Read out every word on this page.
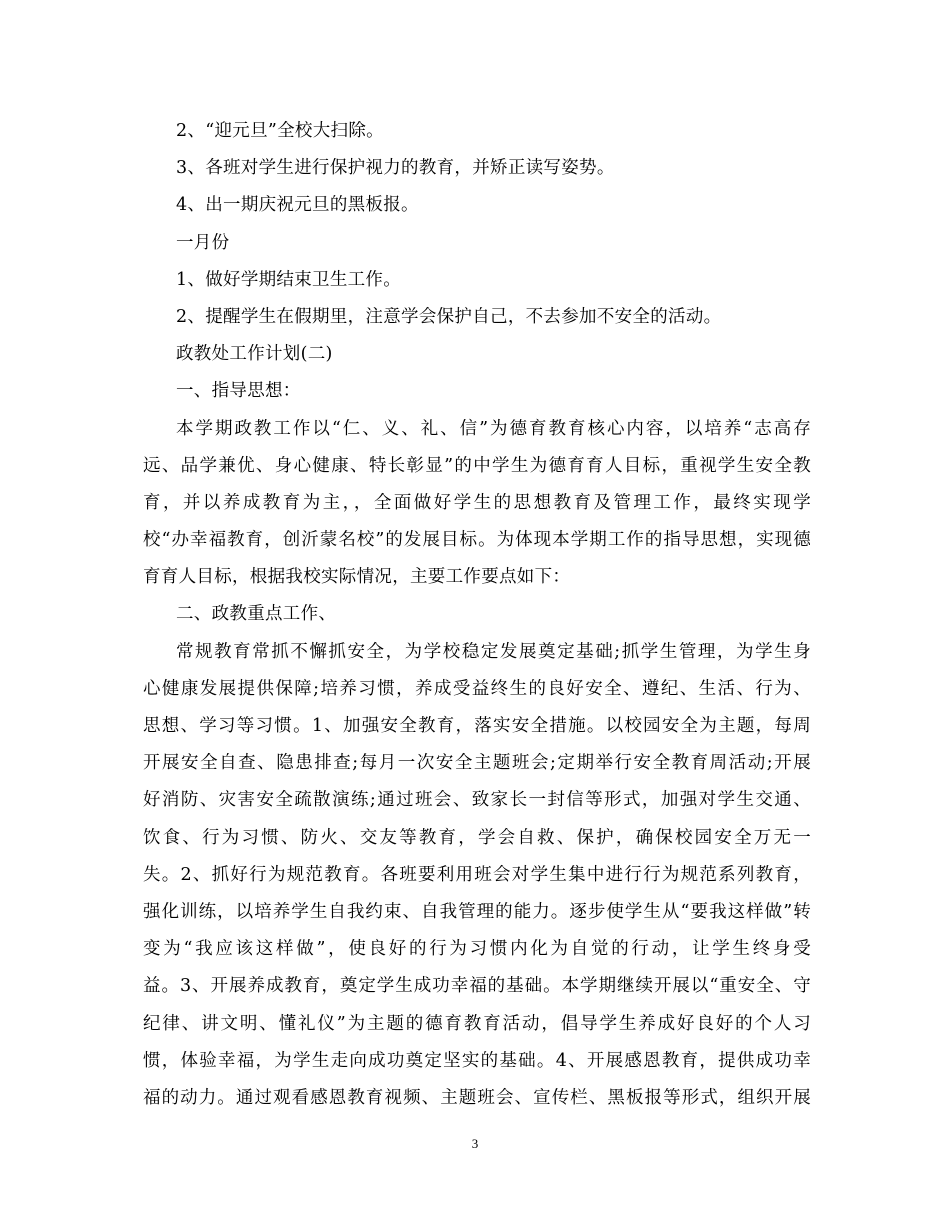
2、“迎元旦”全校大扫除。
3、各班对学生进行保护视力的教育，并矫正读写姿势。
4、出一期庆祝元旦的黑板报。
一月份
1、做好学期结束卫生工作。
2、提醒学生在假期里，注意学会保护自己，不去参加不安全的活动。
政教处工作计划(二)
一、指导思想：
本学期政教工作以“仁、义、礼、信”为德育教育核心内容，以培养“志高存
远、品学兼优、身心健康、特长彰显”的中学生为德育育人目标，重视学生安全教
育，并以养成教育为主，，全面做好学生的思想教育及管理工作，最终实现学
校“办幸福教育，创沂蒙名校”的发展目标。为体现本学期工作的指导思想，实现德
育育人目标，根据我校实际情况，主要工作要点如下：
二、政教重点工作、
常规教育常抓不懈抓安全，为学校稳定发展奠定基础;抓学生管理，为学生身
心健康发展提供保障;培养习惯，养成受益终生的良好安全、遵纪、生活、行为、
思想、学习等习惯。1、加强安全教育，落实安全措施。以校园安全为主题，每周
开展安全自查、隐患排查;每月一次安全主题班会;定期举行安全教育周活动;开展
好消防、灾害安全疏散演练;通过班会、致家长一封信等形式，加强对学生交通、
饮食、行为习惯、防火、交友等教育，学会自救、保护，确保校园安全万无一
失。2、抓好行为规范教育。各班要利用班会对学生集中进行行为规范系列教育，
强化训练，以培养学生自我约束、自我管理的能力。逐步使学生从“要我这样做”转
变为“我应该这样做”，使良好的行为习惯内化为自觉的行动，让学生终身受
益。3、开展养成教育，奠定学生成功幸福的基础。本学期继续开展以“重安全、守
纪律、讲文明、懂礼仪”为主题的德育教育活动，倡导学生养成好良好的个人习
惯，体验幸福，为学生走向成功奠定坚实的基础。4、开展感恩教育，提供成功幸
福的动力。通过观看感恩教育视频、主题班会、宣传栏、黑板报等形式，组织开展
3
